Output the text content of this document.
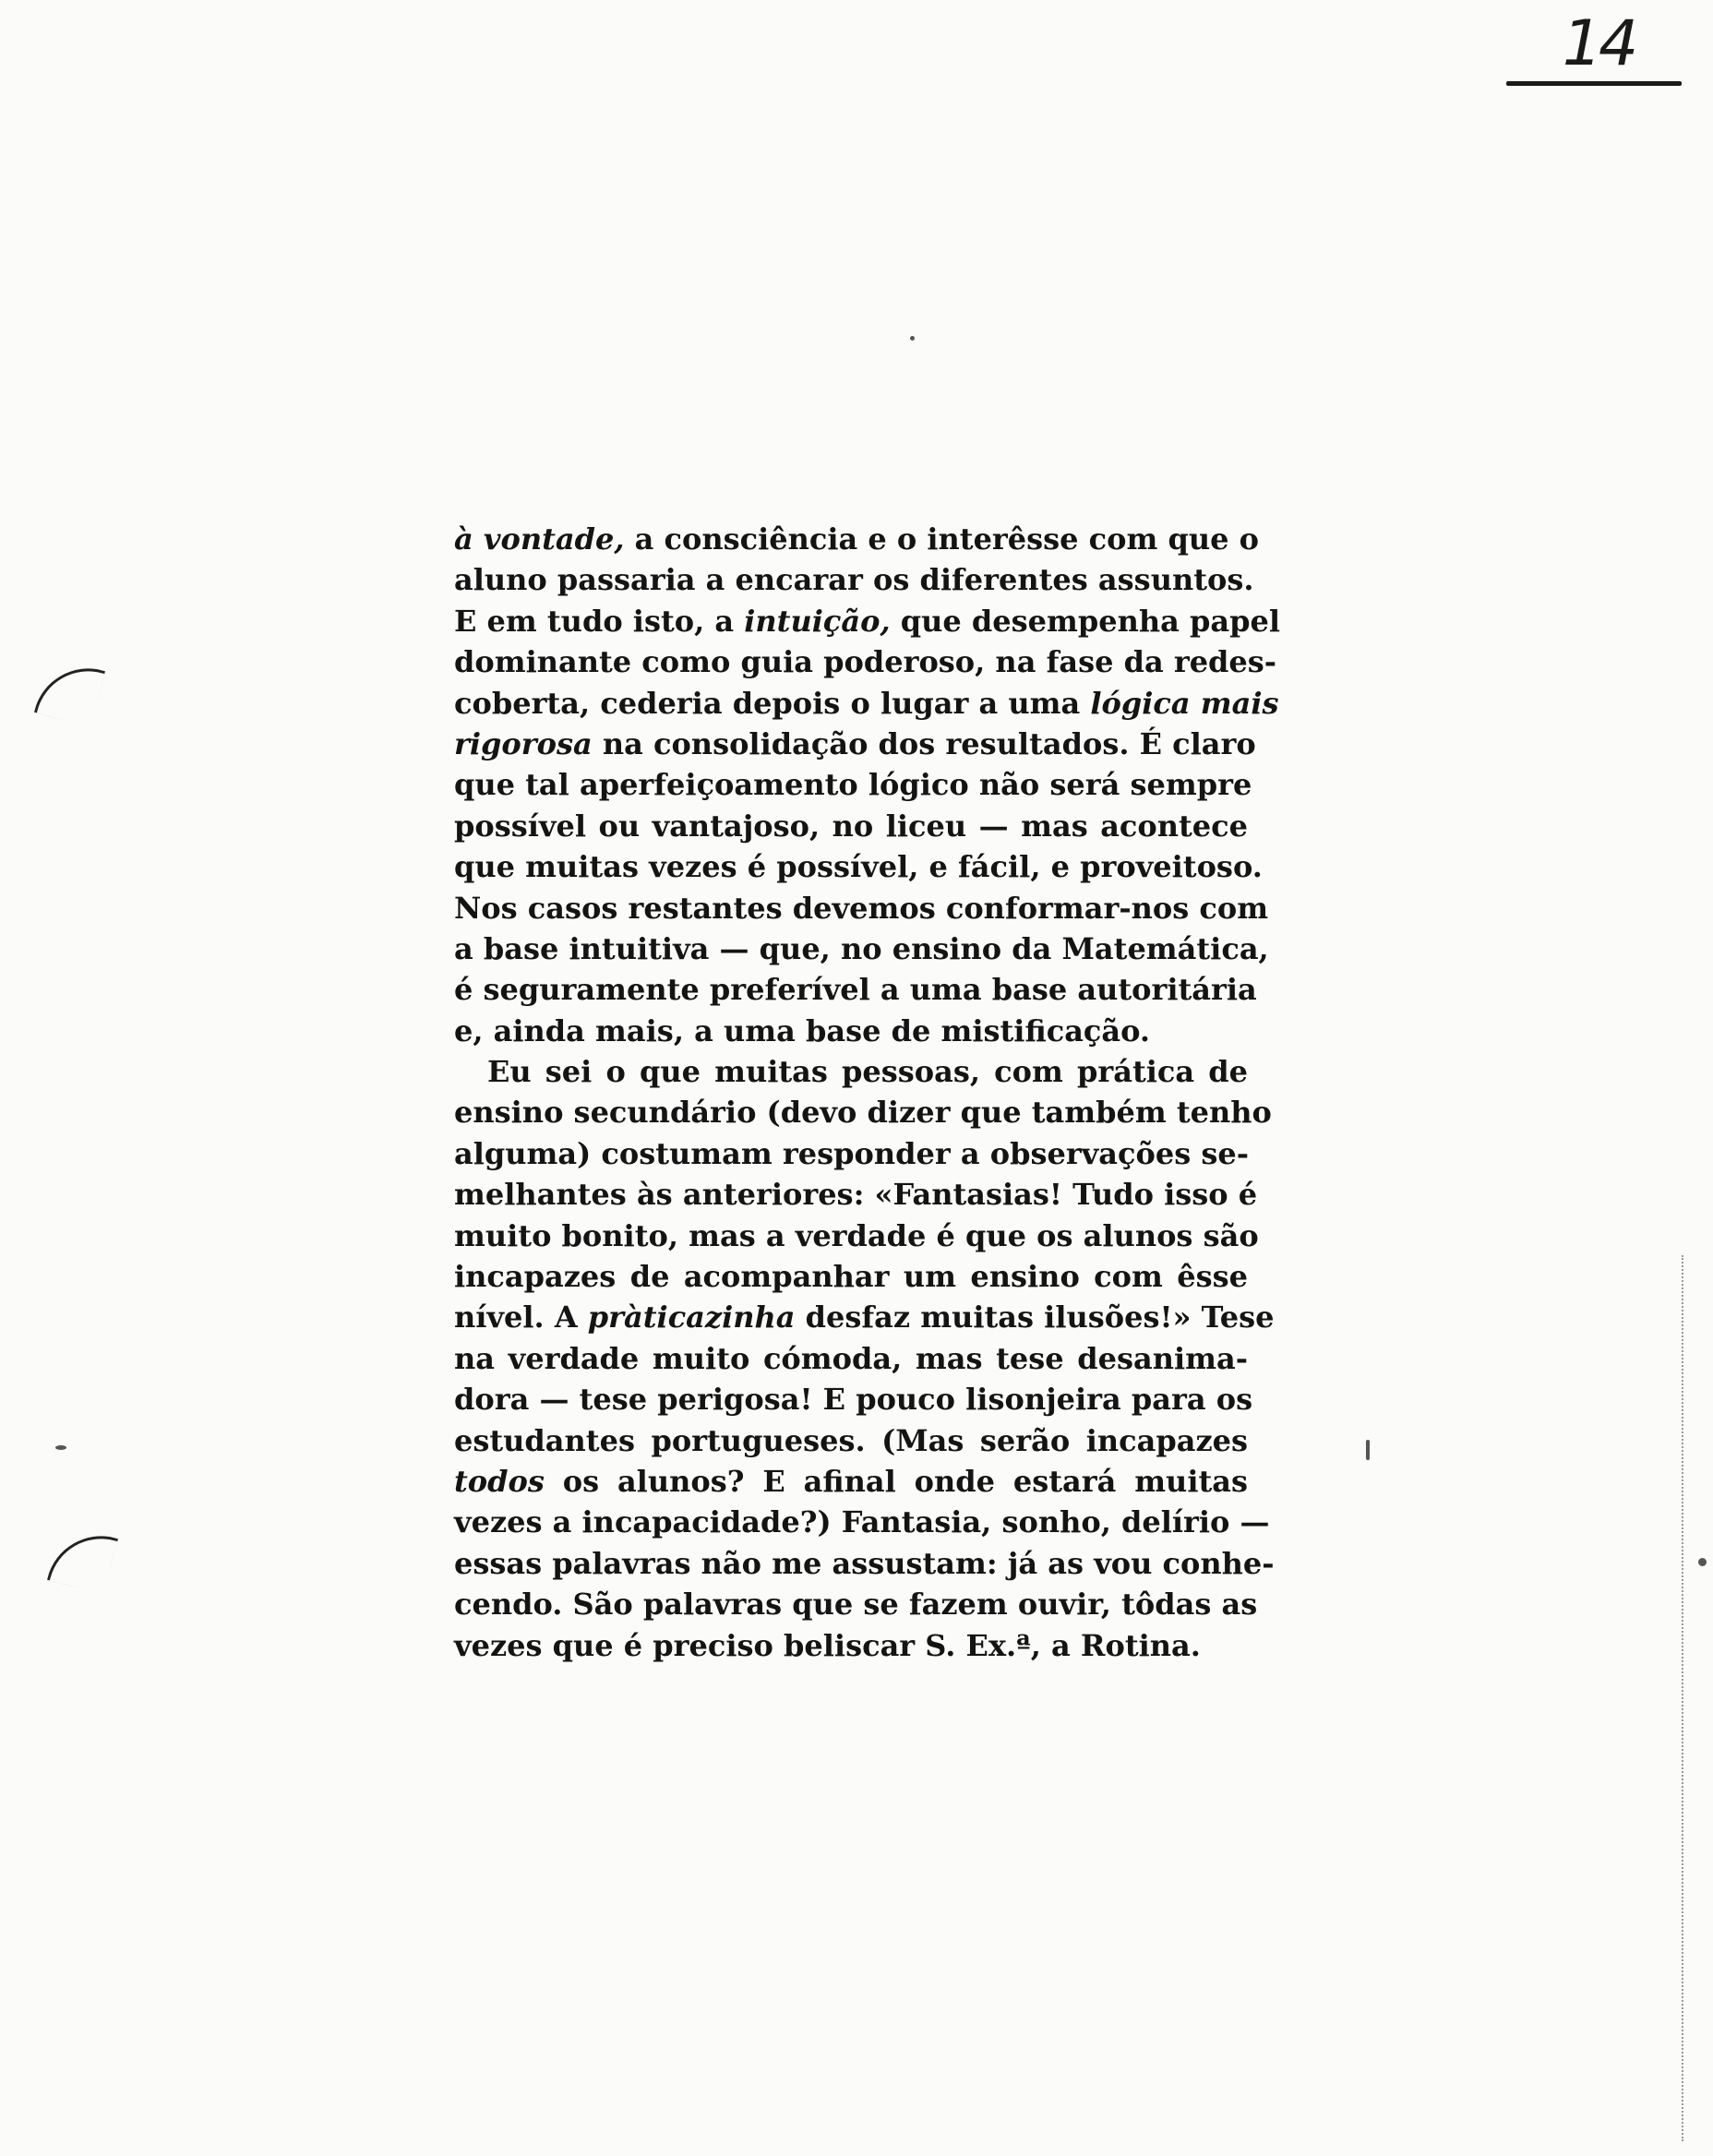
14
à vontade, a consciência e o interêsse com que o
aluno passaria a encarar os diferentes assuntos.
E em tudo isto, a intuição, que desempenha papel
dominante como guia poderoso, na fase da redes-
coberta, cederia depois o lugar a uma lógica mais
rigorosa na consolidação dos resultados. É claro
que tal aperfeiçoamento lógico não será sempre
possível ou vantajoso, no liceu — mas acontece
que muitas vezes é possível, e fácil, e proveitoso.
Nos casos restantes devemos conformar-nos com
a base intuitiva — que, no ensino da Matemática,
é seguramente preferível a uma base autoritária
e, ainda mais, a uma base de mistificação.
Eu sei o que muitas pessoas, com prática de
ensino secundário (devo dizer que também tenho
alguma) costumam responder a observações se-
melhantes às anteriores: «Fantasias! Tudo isso é
muito bonito, mas a verdade é que os alunos são
incapazes de acompanhar um ensino com êsse
nível. A pràticazinha desfaz muitas ilusões!» Tese
na verdade muito cómoda, mas tese desanima-
dora — tese perigosa! E pouco lisonjeira para os
estudantes portugueses. (Mas serão incapazes
todos os alunos? E afinal onde estará muitas
vezes a incapacidade?) Fantasia, sonho, delírio —
essas palavras não me assustam: já as vou conhe-
cendo. São palavras que se fazem ouvir, tôdas as
vezes que é preciso beliscar S. Ex.ª, a Rotina.
